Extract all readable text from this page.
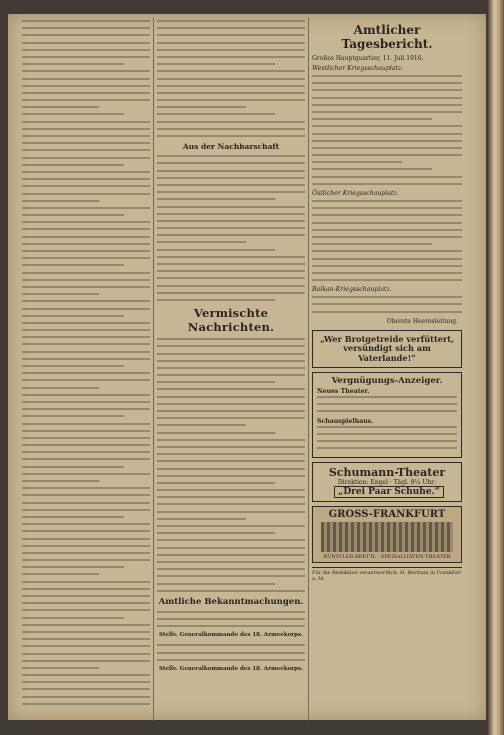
Aus der Nachbarschaft
Vermischte Nachrichten.
Amtliche Bekanntmachungen.
Stellv. Generalkommando des 18. Armeekorps.
Stellv. Generalkommando des 18. Armeekorps.
Amtlicher Tagesbericht.
Großes Hauptquartier, 11. Juli 1916.
Westlicher Kriegsschauplatz.
Östlicher Kriegsschauplatz.
Balkan-Kriegsschauplatz.
Oberste Heeresleitung.
„Wer Brotgetreide verfüttert, versündigt sich am Vaterlande!“
Vergnügungs-Anzeiger.
Neues Theater.
Schauspielhaus.
Schumann-Theater
Direktion: Engel · Tägl. 8¼ Uhr: „Drei Paar Schuhe.“
GROSS-FRANKFURT
KÜNSTLER-BRETTL · SPEZIALITÄTEN-THEATER
Für die Redaktion verantwortlich: H. Bertram in Frankfurt a. M.
